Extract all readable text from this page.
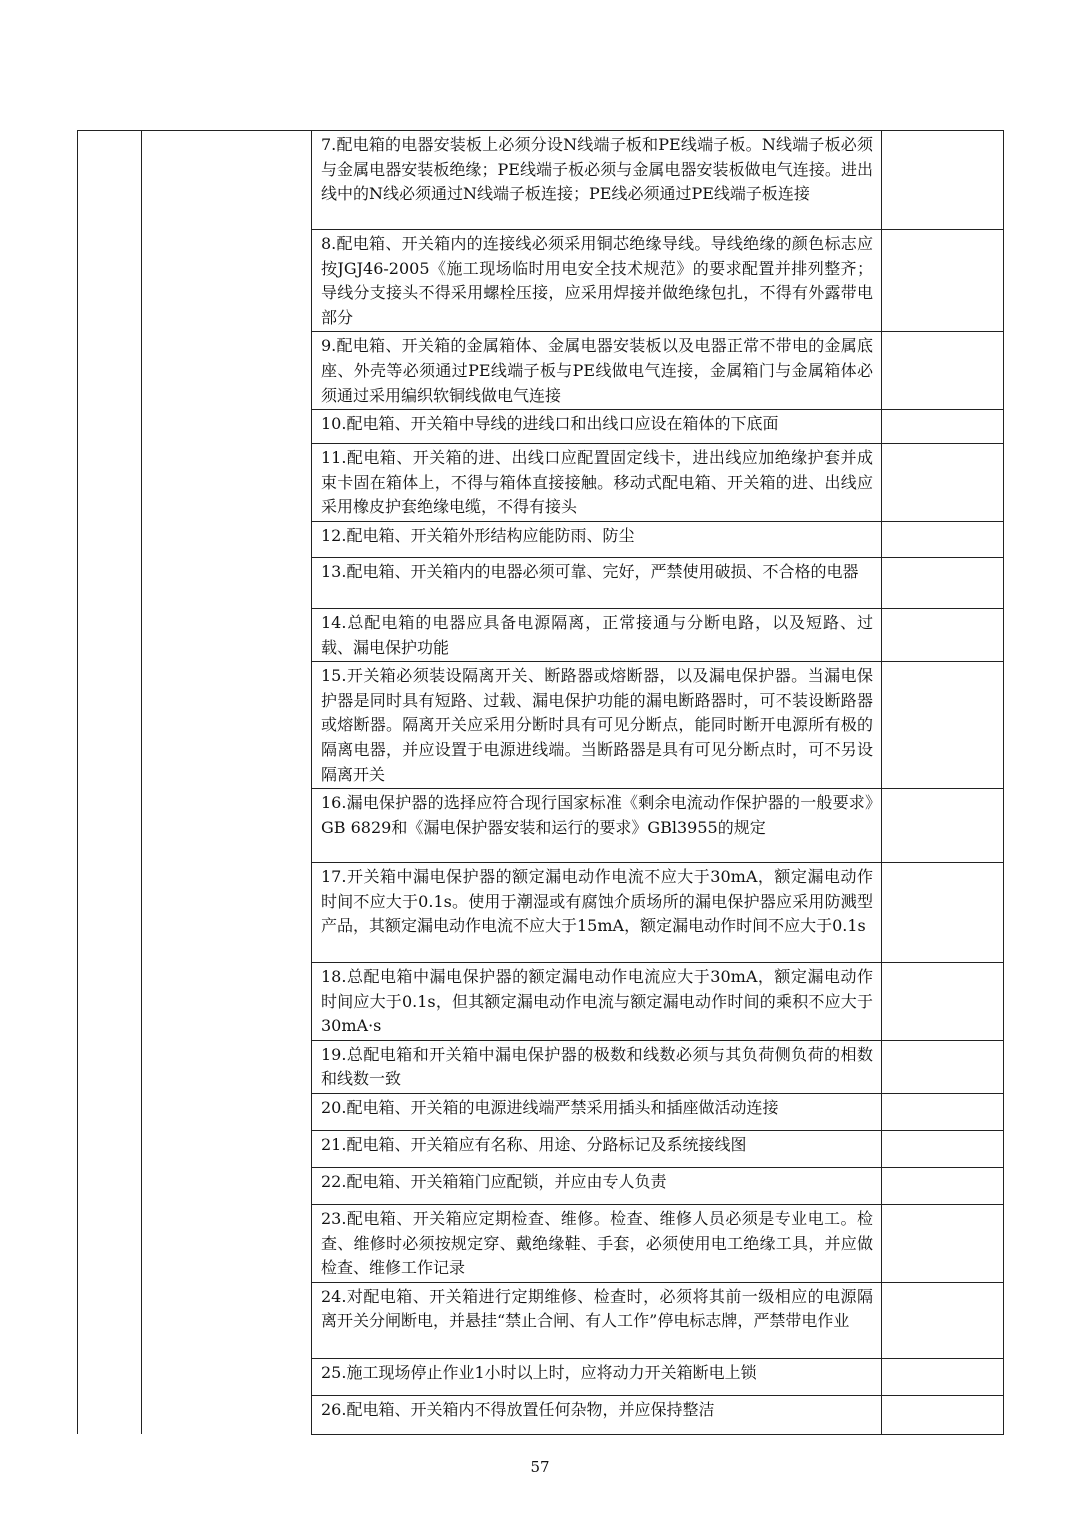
		7.配电箱的电器安装板上必须分设N线端子板和PE线端子板。N线端子板必须与金属电器安装板绝缘；PE线端子板必须与金属电器安装板做电气连接。进出线中的N线必须通过N线端子板连接；PE线必须通过PE线端子板连接	
		8.配电箱、开关箱内的连接线必须采用铜芯绝缘导线。导线绝缘的颜色标志应按JGJ46-2005《施工现场临时用电安全技术规范》的要求配置并排列整齐；导线分支接头不得采用螺栓压接，应采用焊接并做绝缘包扎，不得有外露带电部分	
		9.配电箱、开关箱的金属箱体、金属电器安装板以及电器正常不带电的金属底座、外壳等必须通过PE线端子板与PE线做电气连接，金属箱门与金属箱体必须通过采用编织软铜线做电气连接	
		10.配电箱、开关箱中导线的进线口和出线口应设在箱体的下底面	
		11.配电箱、开关箱的进、出线口应配置固定线卡，进出线应加绝缘护套并成束卡固在箱体上，不得与箱体直接接触。移动式配电箱、开关箱的进、出线应采用橡皮护套绝缘电缆，不得有接头	
		12.配电箱、开关箱外形结构应能防雨、防尘	
		13.配电箱、开关箱内的电器必须可靠、完好，严禁使用破损、不合格的电器	
		14.总配电箱的电器应具备电源隔离，正常接通与分断电路，以及短路、过载、漏电保护功能	
		15.开关箱必须装设隔离开关、断路器或熔断器，以及漏电保护器。当漏电保护器是同时具有短路、过载、漏电保护功能的漏电断路器时，可不装设断路器或熔断器。隔离开关应采用分断时具有可见分断点，能同时断开电源所有极的隔离电器，并应设置于电源进线端。当断路器是具有可见分断点时，可不另设隔离开关	
		16.漏电保护器的选择应符合现行国家标准《剩余电流动作保护器的一般要求》GB 6829和《漏电保护器安装和运行的要求》GBl3955的规定	
		17.开关箱中漏电保护器的额定漏电动作电流不应大于30mA，额定漏电动作时间不应大于0.1s。使用于潮湿或有腐蚀介质场所的漏电保护器应采用防溅型产品，其额定漏电动作电流不应大于15mA，额定漏电动作时间不应大于0.1s	
		18.总配电箱中漏电保护器的额定漏电动作电流应大于30mA，额定漏电动作时间应大于0.1s，但其额定漏电动作电流与额定漏电动作时间的乘积不应大于30mA·s	
		19.总配电箱和开关箱中漏电保护器的极数和线数必须与其负荷侧负荷的相数和线数一致	
		20.配电箱、开关箱的电源进线端严禁采用插头和插座做活动连接	
		21.配电箱、开关箱应有名称、用途、分路标记及系统接线图	
		22.配电箱、开关箱箱门应配锁，并应由专人负责	
		23.配电箱、开关箱应定期检查、维修。检查、维修人员必须是专业电工。检查、维修时必须按规定穿、戴绝缘鞋、手套，必须使用电工绝缘工具，并应做检查、维修工作记录	
		24.对配电箱、开关箱进行定期维修、检查时，必须将其前一级相应的电源隔离开关分闸断电，并悬挂“禁止合闸、有人工作”停电标志牌，严禁带电作业	
		25.施工现场停止作业1小时以上时，应将动力开关箱断电上锁	
		26.配电箱、开关箱内不得放置任何杂物，并应保持整洁	
57
